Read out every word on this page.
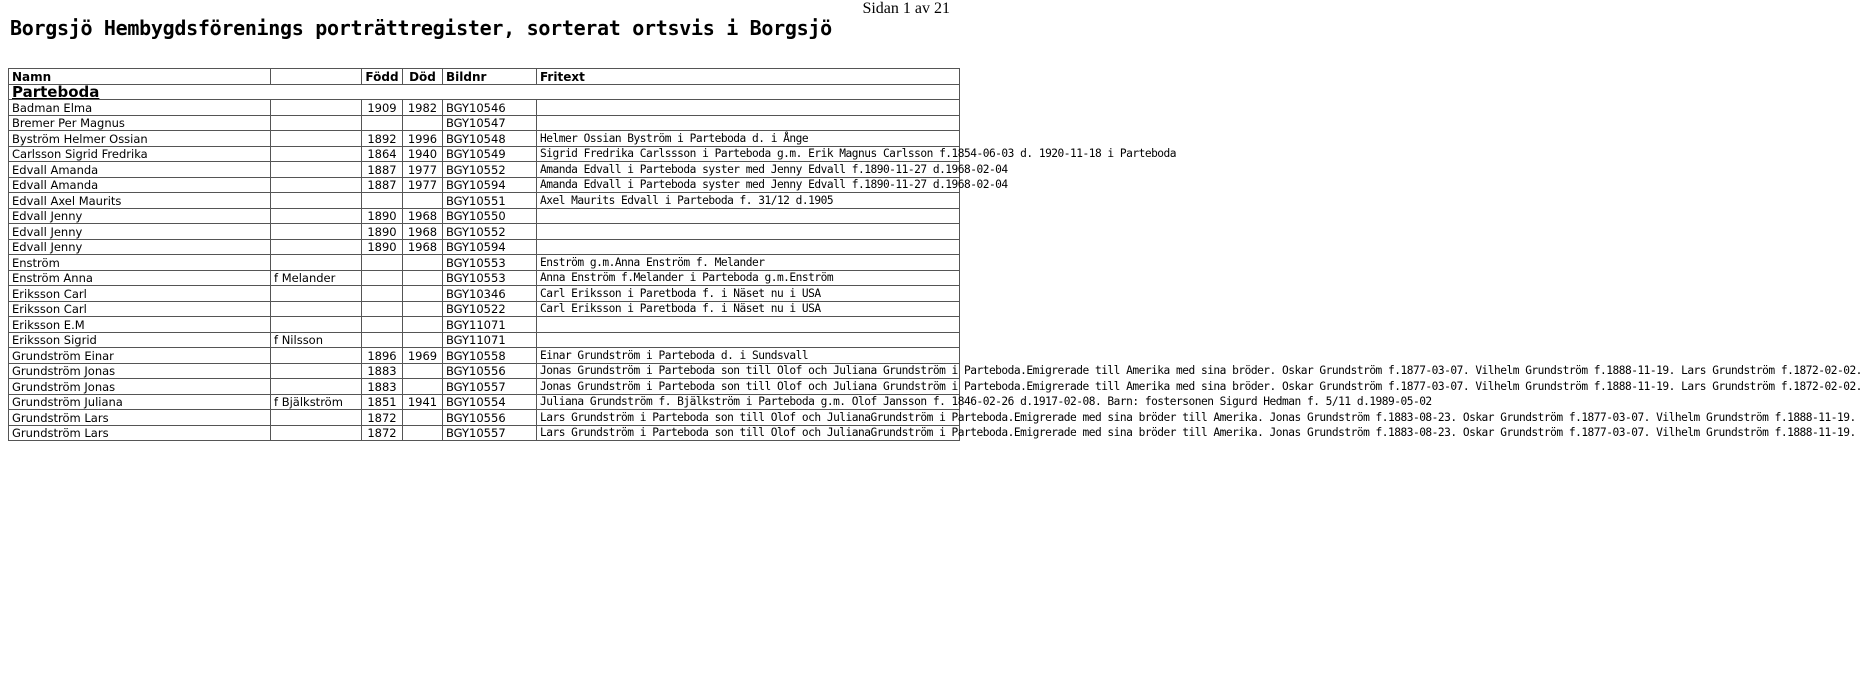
Sidan 1 av 21
Borgsjö Hembygdsförenings porträttregister, sorterat ortsvis i Borgsjö
Namn		Född	Död	Bildnr	Fritext
Parteboda					
Badman Elma		1909	1982	BGY10546	
Bremer Per Magnus				BGY10547	
Byström Helmer Ossian		1892	1996	BGY10548	Helmer Ossian Byström i Parteboda d. i Ånge
Carlsson Sigrid Fredrika		1864	1940	BGY10549	Sigrid Fredrika Carlssson i Parteboda g.m. Erik Magnus Carlsson f.1854-06-03 d. 1920-11-18 i Parteboda
Edvall Amanda		1887	1977	BGY10552	Amanda Edvall i Parteboda syster med Jenny Edvall f.1890-11-27 d.1968-02-04
Edvall Amanda		1887	1977	BGY10594	Amanda Edvall i Parteboda syster med Jenny Edvall f.1890-11-27 d.1968-02-04
Edvall Axel Maurits				BGY10551	Axel Maurits Edvall i Parteboda f. 31/12 d.1905
Edvall Jenny		1890	1968	BGY10550	
Edvall Jenny		1890	1968	BGY10552	
Edvall Jenny		1890	1968	BGY10594	
Enström				BGY10553	Enström g.m.Anna Enström f. Melander
Enström Anna	f Melander			BGY10553	Anna Enström f.Melander i Parteboda g.m.Enström
Eriksson Carl				BGY10346	Carl Eriksson i Paretboda f. i Näset nu i USA
Eriksson Carl				BGY10522	Carl Eriksson i Paretboda f. i Näset nu i USA
Eriksson E.M				BGY11071	
Eriksson Sigrid	f Nilsson			BGY11071	
Grundström Einar		1896	1969	BGY10558	Einar Grundström i Parteboda d. i Sundsvall
Grundström Jonas		1883		BGY10556	Jonas Grundström i Parteboda son till Olof och Juliana Grundström i Parteboda.Emigrerade till Amerika med sina bröder. Oskar Grundström f.1877-03-07. Vilhelm Grundström f.1888-11-19. Lars Grundström f.1872-02-02.
Grundström Jonas		1883		BGY10557	Jonas Grundström i Parteboda son till Olof och Juliana Grundström i Parteboda.Emigrerade till Amerika med sina bröder. Oskar Grundström f.1877-03-07. Vilhelm Grundström f.1888-11-19. Lars Grundström f.1872-02-02.
Grundström Juliana	f Bjälkström	1851	1941	BGY10554	Juliana Grundström f. Bjälkström i Parteboda g.m. Olof Jansson f. 1846-02-26 d.1917-02-08. Barn: fostersonen Sigurd Hedman f. 5/11 d.1989-05-02
Grundström Lars		1872		BGY10556	Lars Grundström i Parteboda son till Olof och JulianaGrundström i Parteboda.Emigrerade med sina bröder till Amerika. Jonas Grundström f.1883-08-23. Oskar Grundström f.1877-03-07. Vilhelm Grundström f.1888-11-19.
Grundström Lars		1872		BGY10557	Lars Grundström i Parteboda son till Olof och JulianaGrundström i Parteboda.Emigrerade med sina bröder till Amerika. Jonas Grundström f.1883-08-23. Oskar Grundström f.1877-03-07. Vilhelm Grundström f.1888-11-19.
